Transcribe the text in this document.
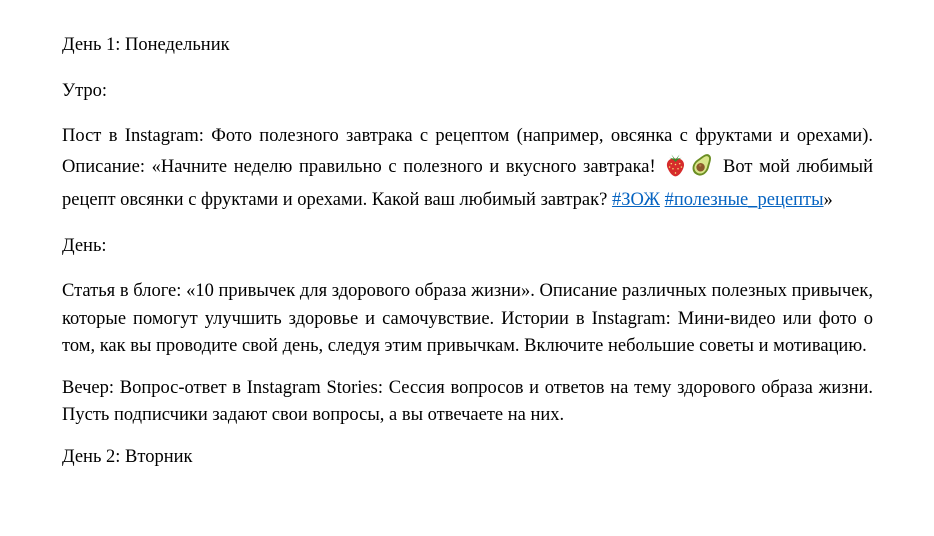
День 1: Понедельник

Утро:

Пост в Instagram: Фото полезного завтрака с рецептом (например, овсянка с фруктами и орехами). Описание: «Начните неделю правильно с полезного и вкусного завтрака!	Вот мой любимый рецепт овсянки с фруктами и орехами. Какой ваш любимый завтрак? #ЗОЖ #полезные_рецепты»

День:

Статья в блоге: «10 привычек для здорового образа жизни». Описание различных полезных привычек, которые помогут улучшить здоровье и самочувствие. Истории в Instagram: Мини-видео или фото о том, как вы проводите свой день, следуя этим привычкам. Включите небольшие советы и мотивацию.

Вечер: Вопрос-ответ в Instagram Stories: Сессия вопросов и ответов на тему здорового образа жизни. Пусть подписчики задают свои вопросы, а вы отвечаете на них.

День 2: Вторник
